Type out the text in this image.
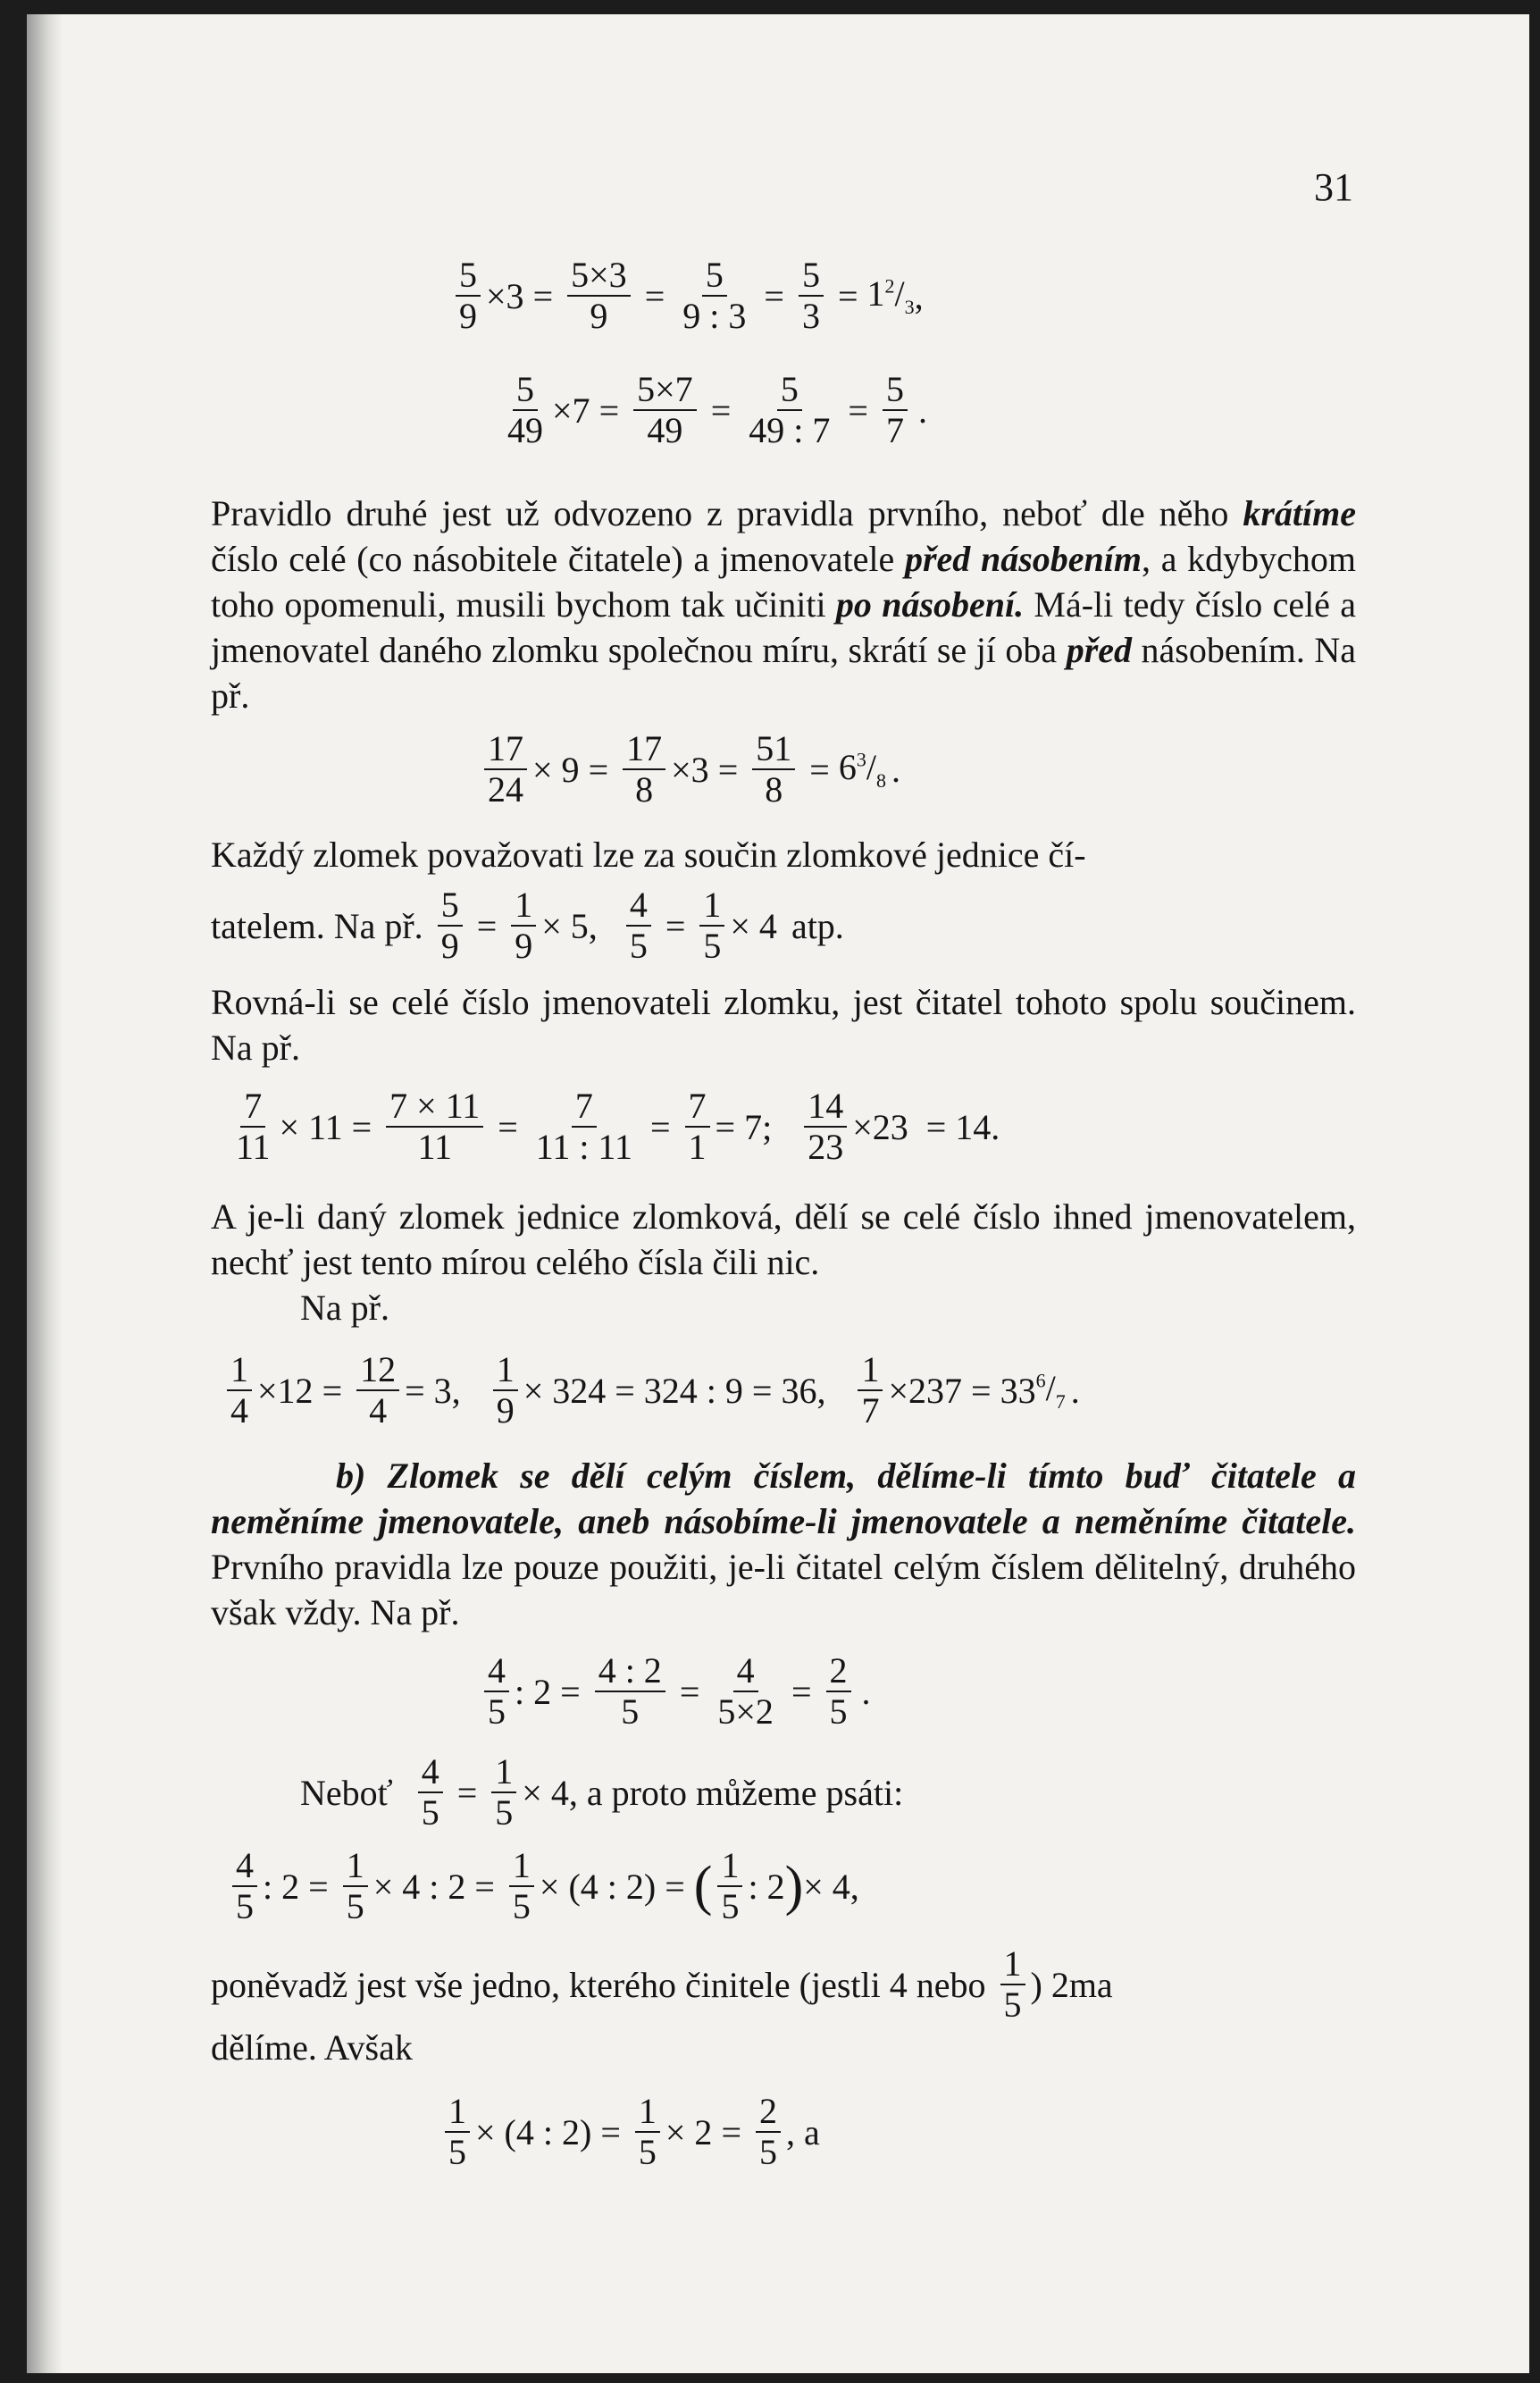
31
$\frac{5}{9} \times 3 = \frac{5\times 3}{9} = \frac{5}{9 : 3} = \frac{5}{3} = 1^2/_3$ ,
$\frac{5}{49} \times 7 = \frac{5\times 7}{49} = \frac{5}{49 : 7} = \frac{5}{7}$ .

Pravidlo druhé jest už odvozeno z pravidla prvního, neboť dle něho krátíme číslo celé (co násobitele čitatele) a jmenovatele před násobením, a kdybychom toho opomenuli, musili bychom tak učiniti po násobení. Má-li tedy číslo celé a jmenovatel daného zlomku společnou míru, skrátí se jí oba před násobením. Na př.

$\frac{17}{24} \times 9 = \frac{17}{8} \times 3 = \frac{51}{8} = 6^3/_8$ .

Každý zlomek považovati lze za součin zlomkové jednice čí-

tatelem. Na př. $\frac{5}{9} = \frac{1}{9} \times 5$, $\frac{4}{5} = \frac{1}{5} \times 4$ atp.

Rovná-li se celé číslo jmenovateli zlomku, jest čitatel tohoto spolu součinem. Na př.

$\frac{7}{11} \times 11 = \frac{7 \times 11}{11} = \frac{7}{11 : 11} = \frac{7}{1} = 7$; $\frac{14}{23} \times 23 = 14$.

A je-li daný zlomek jednice zlomková, dělí se celé číslo ihned jmenovatelem, nechť jest tento mírou celého čísla čili nic.

Na př.

$\frac{1}{4} \times 12 = \frac{12}{4} = 3$, $\frac{1}{9} \times 324 = 324$ : 9 = 36, $\frac{1}{7} \times 237 = 33$ $^6/_7$ .

b) Zlomek se dělí celým číslem, dělíme-li tímto buď čitatele a neměníme jmenovatele, aneb násobíme-li jmenovatele a neměníme čitatele. Prvního pravidla lze pouze použiti, je-li čitatel celým číslem dělitelný, druhého však vždy. Na př.

$\frac{4}{5}$ : $2 = \frac{4 : 2}{5} = \frac{4}{5\times 2} = \frac{2}{5}$ .
Neboť $\frac{4}{5} = \frac{1}{5} \times 4$, a proto můžeme psáti:
$\frac{4}{5}$ : $2 = \frac{1}{5} \times 4$ : $2 = \frac{1}{5} \times (4$ : 2) = ( $\frac{1}{5}$ : 2 ) × 4,
poněvadž jest vše jedno, kterého činitele (jestli 4 nebo $\frac{1}{5}$ ) 2ma

dělíme. Avšak

$\frac{1}{5} \times (4$ : $2) = \frac{1}{5} \times 2 = \frac{2}{5}$ , a
